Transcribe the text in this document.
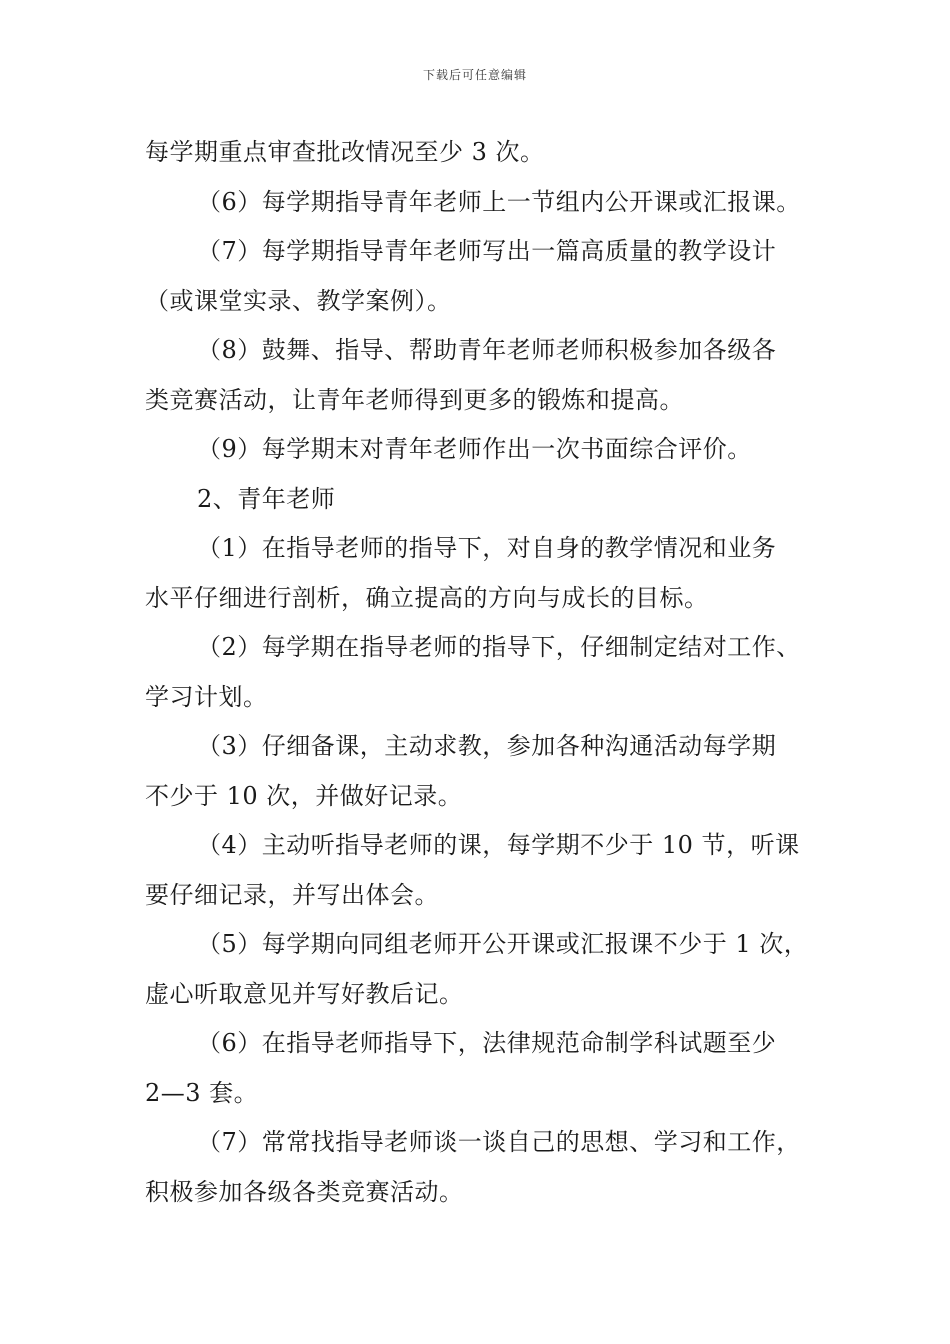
下载后可任意编辑

每学期重点审查批改情况至少 3 次。

（6）每学期指导青年老师上一节组内公开课或汇报课。

（7）每学期指导青年老师写出一篇高质量的教学设计

（或课堂实录、教学案例）。

（8）鼓舞、指导、帮助青年老师老师积极参加各级各

类竞赛活动，让青年老师得到更多的锻炼和提高。

（9）每学期末对青年老师作出一次书面综合评价。

2、青年老师

（1）在指导老师的指导下，对自身的教学情况和业务

水平仔细进行剖析，确立提高的方向与成长的目标。

（2）每学期在指导老师的指导下，仔细制定结对工作、

学习计划。

（3）仔细备课，主动求教，参加各种沟通活动每学期

不少于 10 次，并做好记录。

（4）主动听指导老师的课，每学期不少于 10 节，听课

要仔细记录，并写出体会。

（5）每学期向同组老师开公开课或汇报课不少于 1 次，

虚心听取意见并写好教后记。

（6）在指导老师指导下，法律规范命制学科试题至少

2—3 套。

（7）常常找指导老师谈一谈自己的思想、学习和工作，

积极参加各级各类竞赛活动。
